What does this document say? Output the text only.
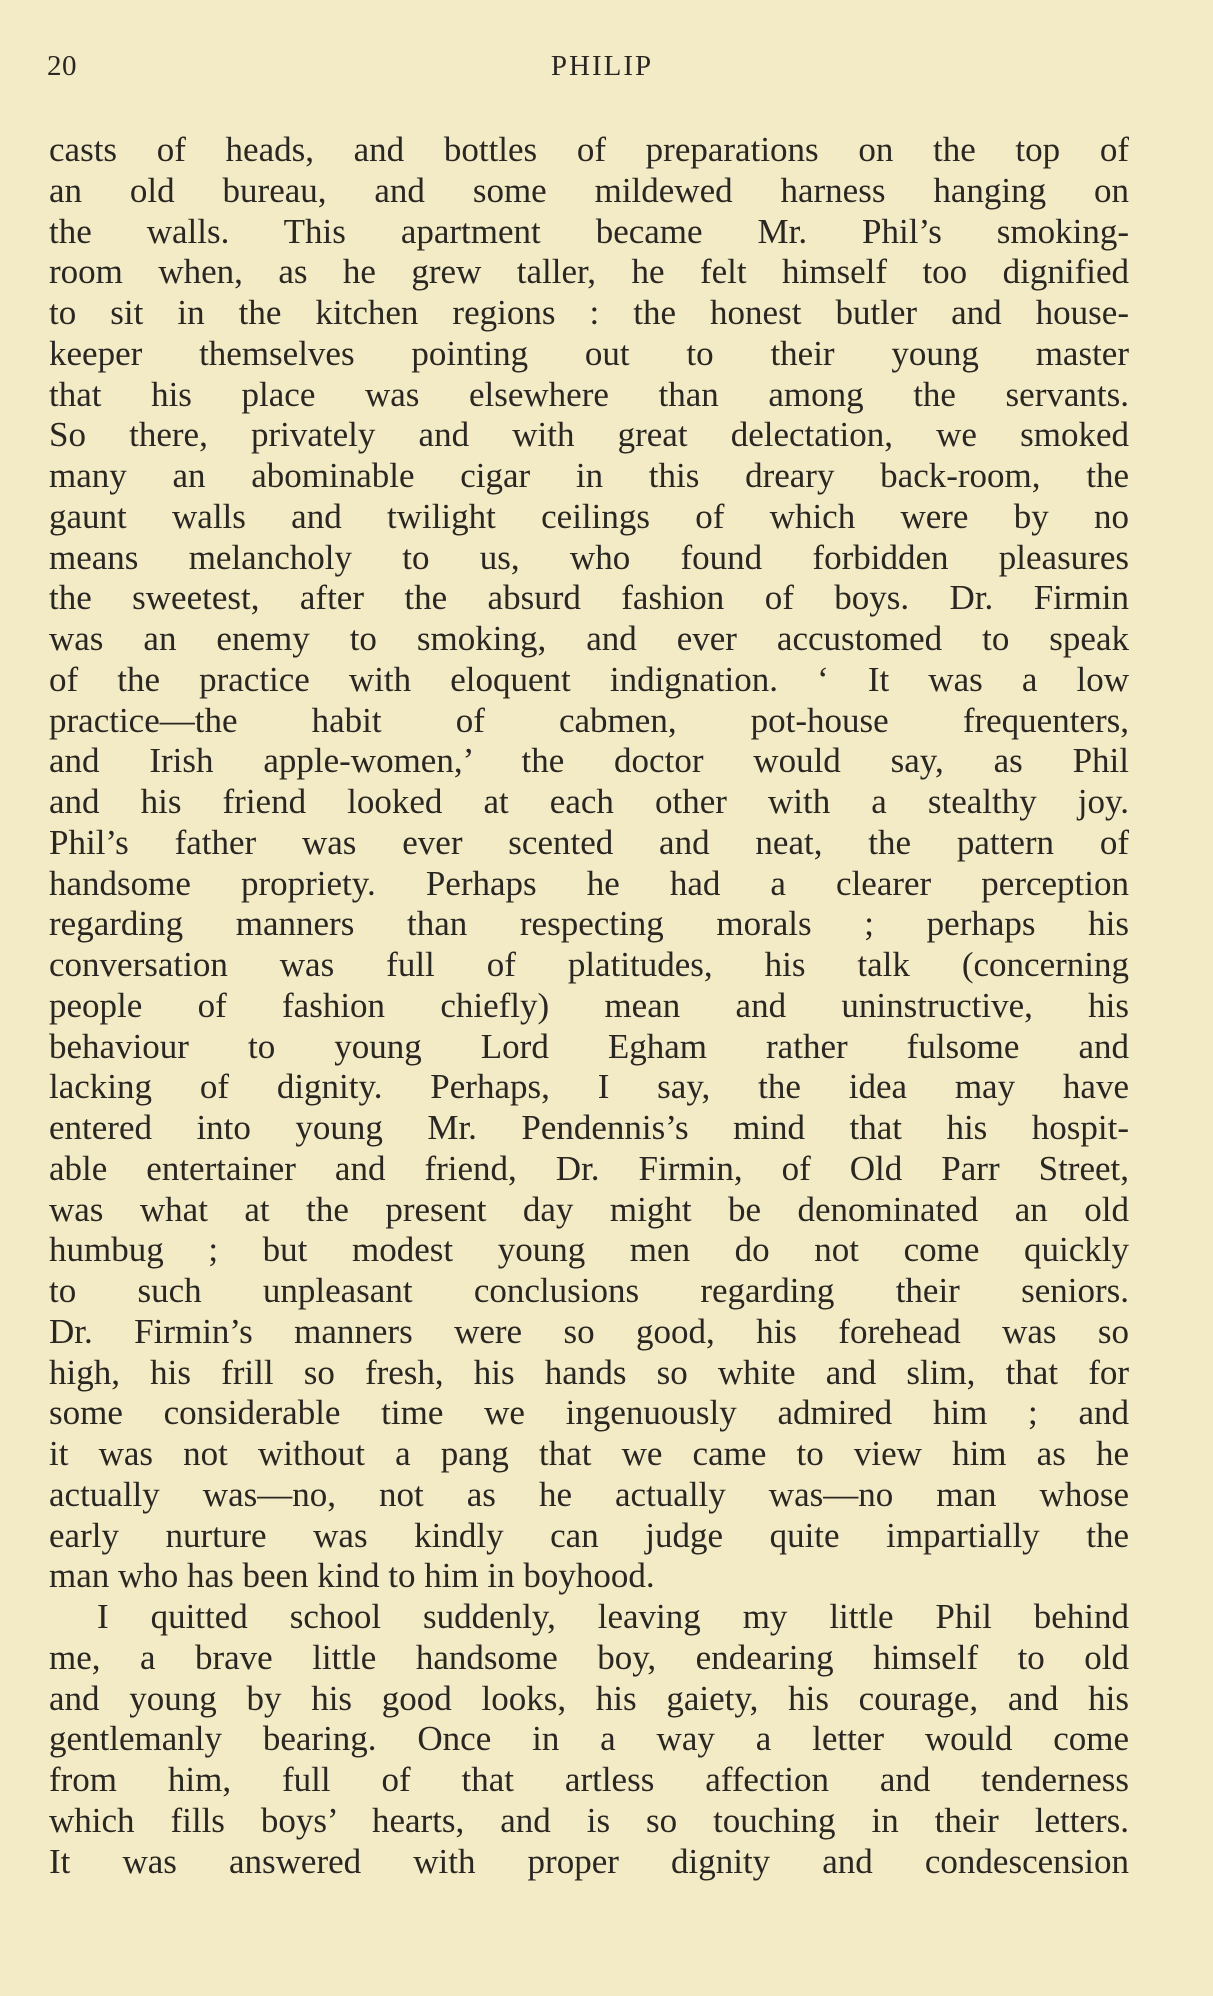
20	PHILIP
casts of heads, and bottles of preparations on the top of
an old bureau, and some mildewed harness hanging on
the walls. This apartment became Mr. Phil’s smoking-
room when, as he grew taller, he felt himself too dignified
to sit in the kitchen regions : the honest butler and house-
keeper themselves pointing out to their young master
that his place was elsewhere than among the servants.
So there, privately and with great delectation, we smoked
many an abominable cigar in this dreary back-room, the
gaunt walls and twilight ceilings of which were by no
means melancholy to us, who found forbidden pleasures
the sweetest, after the absurd fashion of boys. Dr. Firmin
was an enemy to smoking, and ever accustomed to speak
of the practice with eloquent indignation. ‘ It was a low
practice—the habit of cabmen, pot-house frequenters,
and Irish apple-women,’ the doctor would say, as Phil
and his friend looked at each other with a stealthy joy.
Phil’s father was ever scented and neat, the pattern of
handsome propriety. Perhaps he had a clearer perception
regarding manners than respecting morals ; perhaps his
conversation was full of platitudes, his talk (concerning
people of fashion chiefly) mean and uninstructive, his
behaviour to young Lord Egham rather fulsome and
lacking of dignity. Perhaps, I say, the idea may have
entered into young Mr. Pendennis’s mind that his hospit-
able entertainer and friend, Dr. Firmin, of Old Parr Street,
was what at the present day might be denominated an old
humbug ; but modest young men do not come quickly
to such unpleasant conclusions regarding their seniors.
Dr. Firmin’s manners were so good, his forehead was so
high, his frill so fresh, his hands so white and slim, that for
some considerable time we ingenuously admired him ; and
it was not without a pang that we came to view him as he
actually was—no, not as he actually was—no man whose
early nurture was kindly can judge quite impartially the
man who has been kind to him in boyhood.
I quitted school suddenly, leaving my little Phil behind
me, a brave little handsome boy, endearing himself to old
and young by his good looks, his gaiety, his courage, and his
gentlemanly bearing. Once in a way a letter would come
from him, full of that artless affection and tenderness
which fills boys’ hearts, and is so touching in their letters.
It was answered with proper dignity and condescension
